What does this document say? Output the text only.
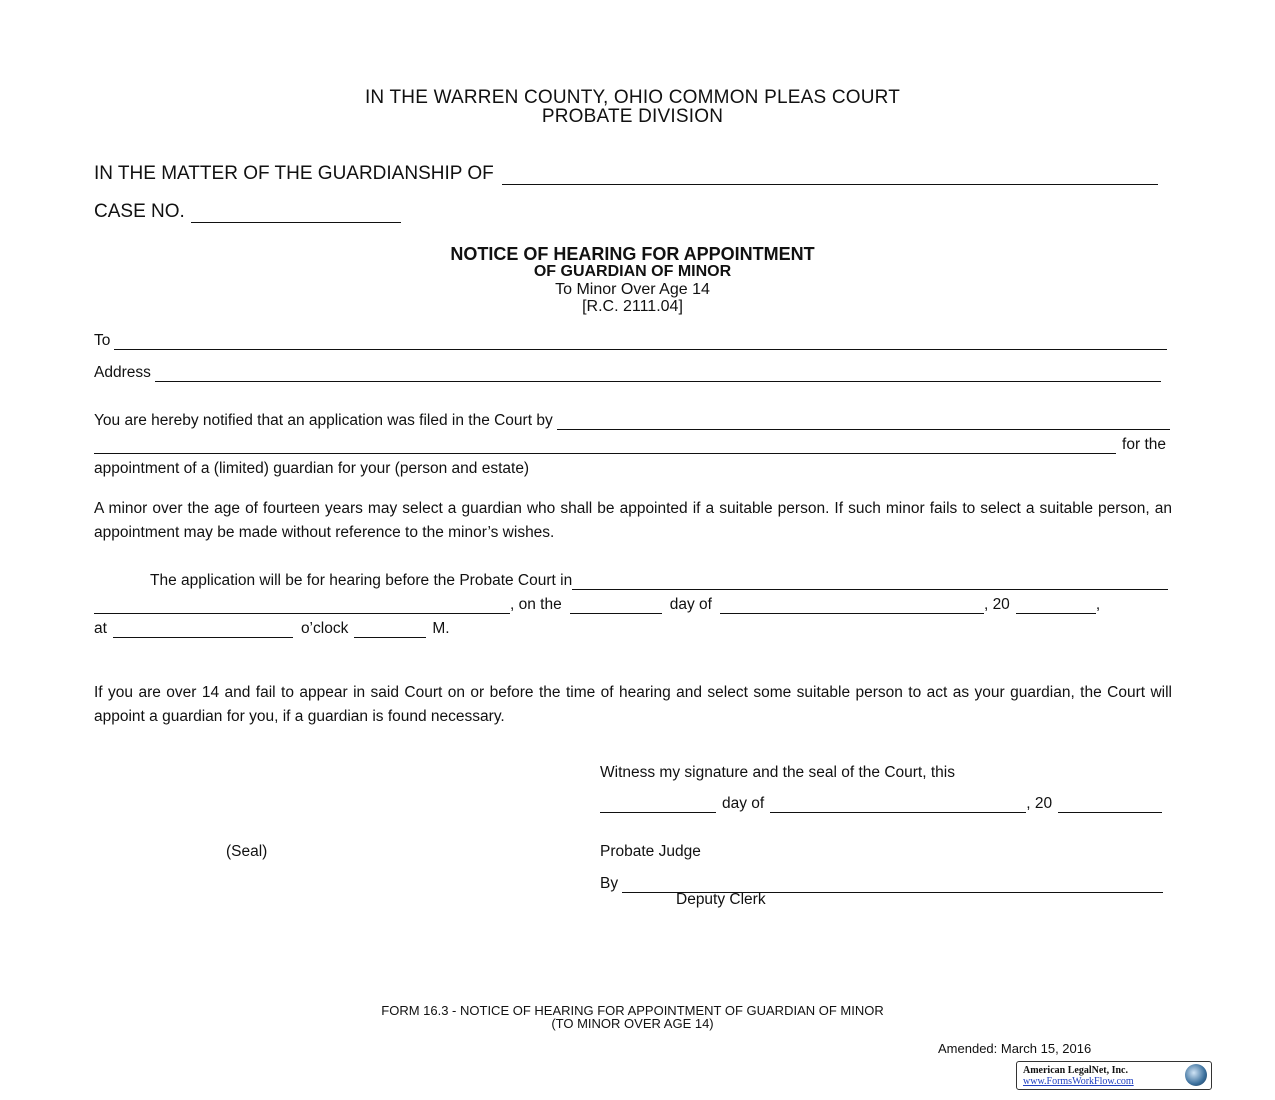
IN THE WARREN COUNTY, OHIO COMMON PLEAS COURT
PROBATE DIVISION
IN THE MATTER OF THE GUARDIANSHIP OF
CASE NO.
NOTICE OF HEARING FOR APPOINTMENT
OF GUARDIAN OF MINOR
To Minor Over Age 14
[R.C. 2111.04]
To
Address
You are hereby notified that an application was filed in the Court by
for the
appointment of a (limited) guardian for your (person and estate)
A minor over the age of fourteen years may select a guardian who shall be appointed if a suitable person. If such minor fails to select a suitable person, an appointment may be made without reference to the minor’s wishes.
The application will be for hearing before the Probate Court in
, on the	day of	, 20	,
at	o’clock	M.
If you are over 14 and fail to appear in said Court on or before the time of hearing and select some suitable person to act as your guardian, the Court will appoint a guardian for you, if a guardian is found necessary.
Witness my signature and the seal of the Court, this
day of	, 20
(Seal)	Probate Judge
By
Deputy Clerk
FORM 16.3 - NOTICE OF HEARING FOR APPOINTMENT OF GUARDIAN OF MINOR
(TO MINOR OVER AGE 14)
Amended: March 15, 2016
American LegalNet, Inc.
www.FormsWorkFlow.com
